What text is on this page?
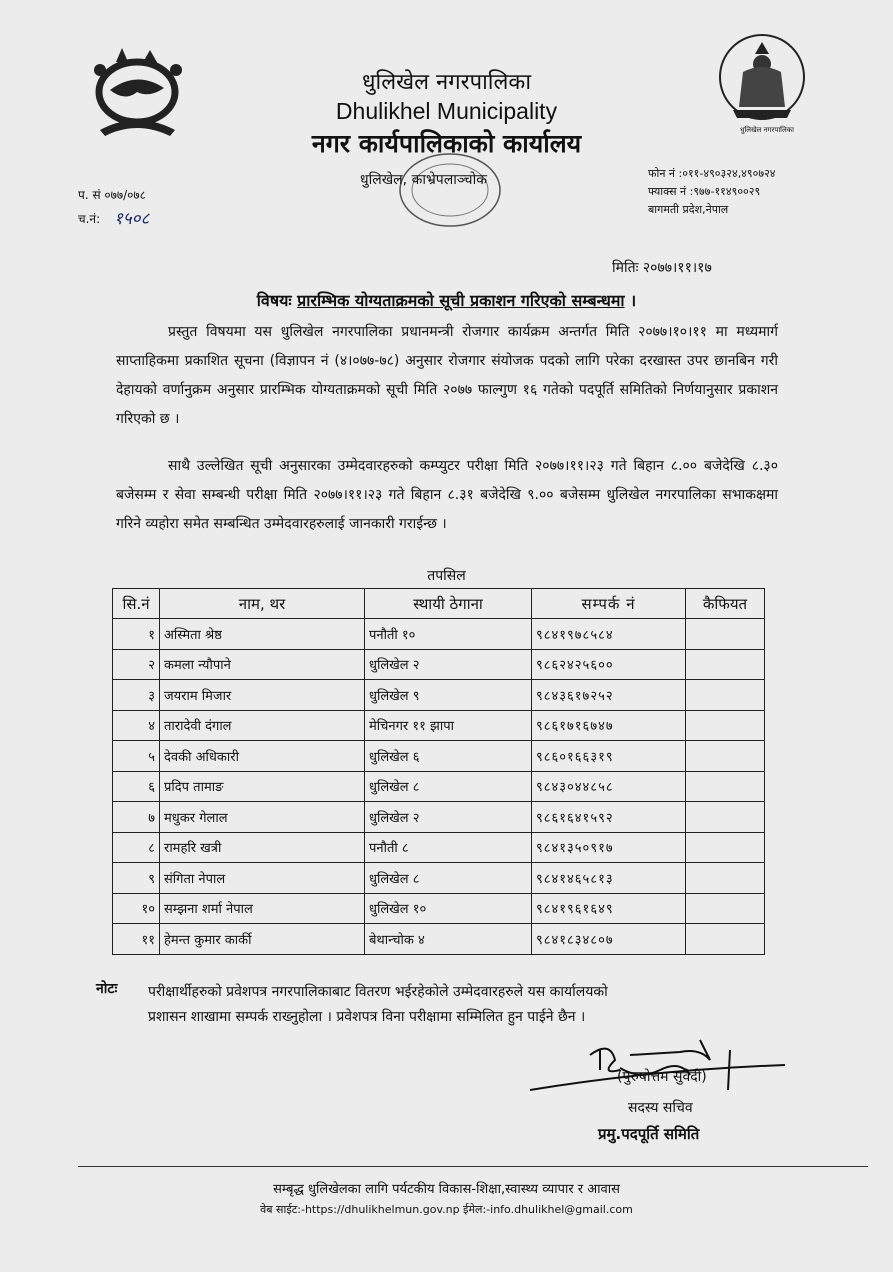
धुलिखेल नगरपालिका
धुलिखेल नगरपालिका
Dhulikhel Municipality
नगर कार्यपालिकाको कार्यालय
धुलिखेल, काभ्रेपलाञ्चोक	फोन नं :०११-४९०३२४,४९०७२४
फ्याक्स नं :९७७-११४९००२९
बागमती प्रदेश,नेपाल
प. सं ०७७/०७८
च.नं: १५०८
मितिः २०७७।११।१७
विषयः प्रारम्भिक योग्यताक्रमको सूची प्रकाशन गरिएको सम्बन्धमा ।
प्रस्तुत विषयमा यस धुलिखेल नगरपालिका प्रधानमन्त्री रोजगार कार्यक्रम अन्तर्गत मिति २०७७।१०।११ मा मध्यमार्ग साप्ताहिकमा प्रकाशित सूचना (विज्ञापन नं (४।०७७-७८) अनुसार रोजगार संयोजक पदको लागि परेका दरखास्त उपर छानबिन गरी देहायको वर्णानुक्रम अनुसार प्रारम्भिक योग्यताक्रमको सूची मिति २०७७ फाल्गुण १६ गतेको पदपूर्ति समितिको निर्णयानुसार प्रकाशन गरिएको छ ।
साथै उल्लेखित सूची अनुसारका उम्मेदवारहरुको कम्प्युटर परीक्षा मिति २०७७।११।२३ गते बिहान ८.०० बजेदेखि ८.३० बजेसम्म र सेवा सम्बन्धी परीक्षा मिति २०७७।११।२३ गते बिहान ८.३१ बजेदेखि ९.०० बजेसम्म धुलिखेल नगरपालिका सभाकक्षमा गरिने व्यहोरा समेत सम्बन्धित उम्मेदवारहरुलाई जानकारी गराईन्छ ।
तपसिल
सि.नं	नाम, थर	स्थायी ठेगाना	सम्पर्क नं	कैफियत
१	अस्मिता श्रेष्ठ	पनौती १०	९८४१९७८५८४	
२	कमला न्यौपाने	धुलिखेल २	९८६२४२५६००	
३	जयराम मिजार	धुलिखेल ९	९८४३६१७२५२	
४	तारादेवी दंगाल	मेचिनगर ११ झापा	९८६१७१६७४७	
५	देवकी अधिकारी	धुलिखेल ६	९८६०१६६३१९	
६	प्रदिप तामाङ	धुलिखेल ८	९८४३०४४८५८	
७	मधुकर गेलाल	धुलिखेल २	९८६१६४१५९२	
८	रामहरि खत्री	पनौती ८	९८४१३५०९१७	
९	संगिता नेपाल	धुलिखेल ८	९८४१४६५८१३	
१०	सम्झना शर्मा नेपाल	धुलिखेल १०	९८४१९६१६४९	
११	हेमन्त कुमार कार्की	बेथान्चोक ४	९८४१८३४८०७	
नोटः परीक्षार्थीहरुको प्रवेशपत्र नगरपालिकाबाट वितरण भईरहेकोले उम्मेदवारहरुले यस कार्यालयको
प्रशासन शाखामा सम्पर्क राख्नुहोला । प्रवेशपत्र विना परीक्षामा सम्मिलित हुन पाईने छैन ।
(पुरुषोत्तम सुवेदी)
सदस्य सचिव
प्रमु.पदपूर्ति समिति
सम्बृद्ध धुलिखेलका लागि पर्यटकीय विकास-शिक्षा,स्वास्थ्य व्यापार र आवास
वेब साईट:-https://dhulikhelmun.gov.np ईमेल:-info.dhulikhel@gmail.com
